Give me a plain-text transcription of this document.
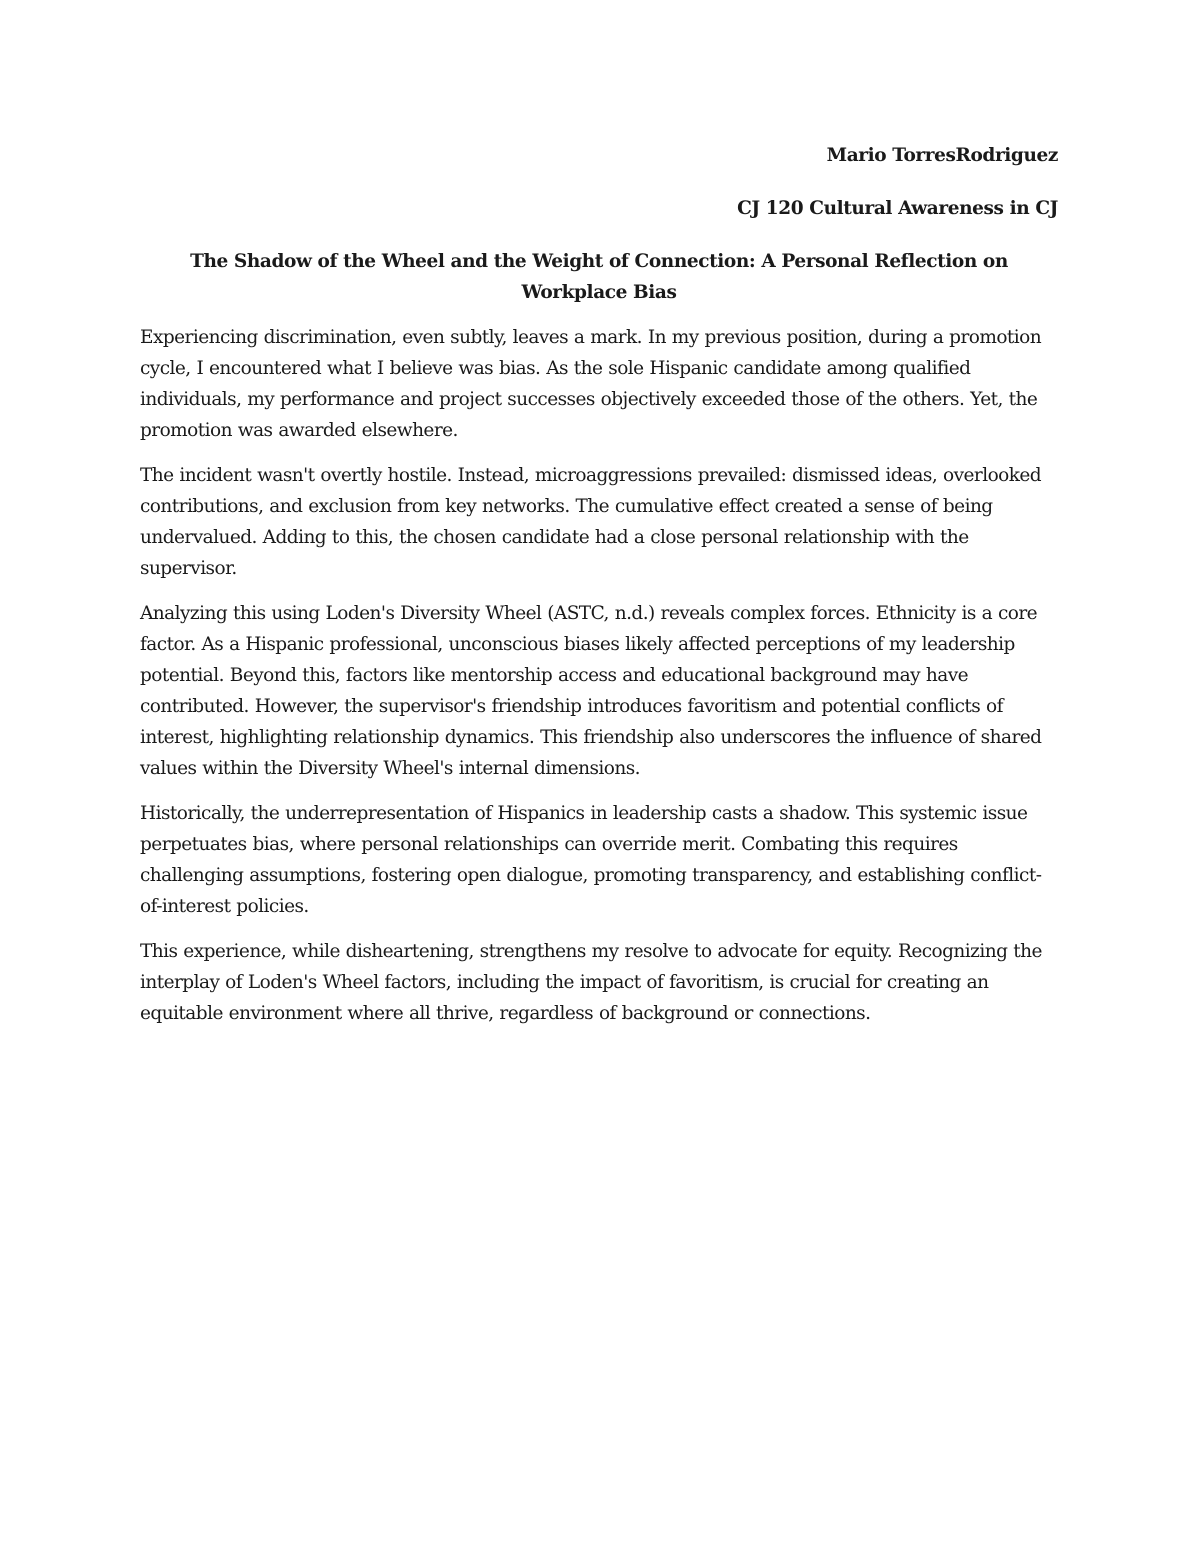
Mario TorresRodriguez

CJ 120 Cultural Awareness in CJ

The Shadow of the Wheel and the Weight of Connection: A Personal Reflection on Workplace Bias

Experiencing discrimination, even subtly, leaves a mark. In my previous position, during a promotion cycle, I encountered what I believe was bias. As the sole Hispanic candidate among qualified individuals, my performance and project successes objectively exceeded those of the others. Yet, the promotion was awarded elsewhere.

The incident wasn't overtly hostile. Instead, microaggressions prevailed: dismissed ideas, overlooked contributions, and exclusion from key networks. The cumulative effect created a sense of being undervalued. Adding to this, the chosen candidate had a close personal relationship with the supervisor.

Analyzing this using Loden's Diversity Wheel (ASTC, n.d.) reveals complex forces. Ethnicity is a core factor. As a Hispanic professional, unconscious biases likely affected perceptions of my leadership potential. Beyond this, factors like mentorship access and educational background may have contributed. However, the supervisor's friendship introduces favoritism and potential conflicts of interest, highlighting relationship dynamics. This friendship also underscores the influence of shared values within the Diversity Wheel's internal dimensions.

Historically, the underrepresentation of Hispanics in leadership casts a shadow. This systemic issue perpetuates bias, where personal relationships can override merit. Combating this requires challenging assumptions, fostering open dialogue, promoting transparency, and establishing conflict-of-interest policies.

This experience, while disheartening, strengthens my resolve to advocate for equity. Recognizing the interplay of Loden's Wheel factors, including the impact of favoritism, is crucial for creating an equitable environment where all thrive, regardless of background or connections.
